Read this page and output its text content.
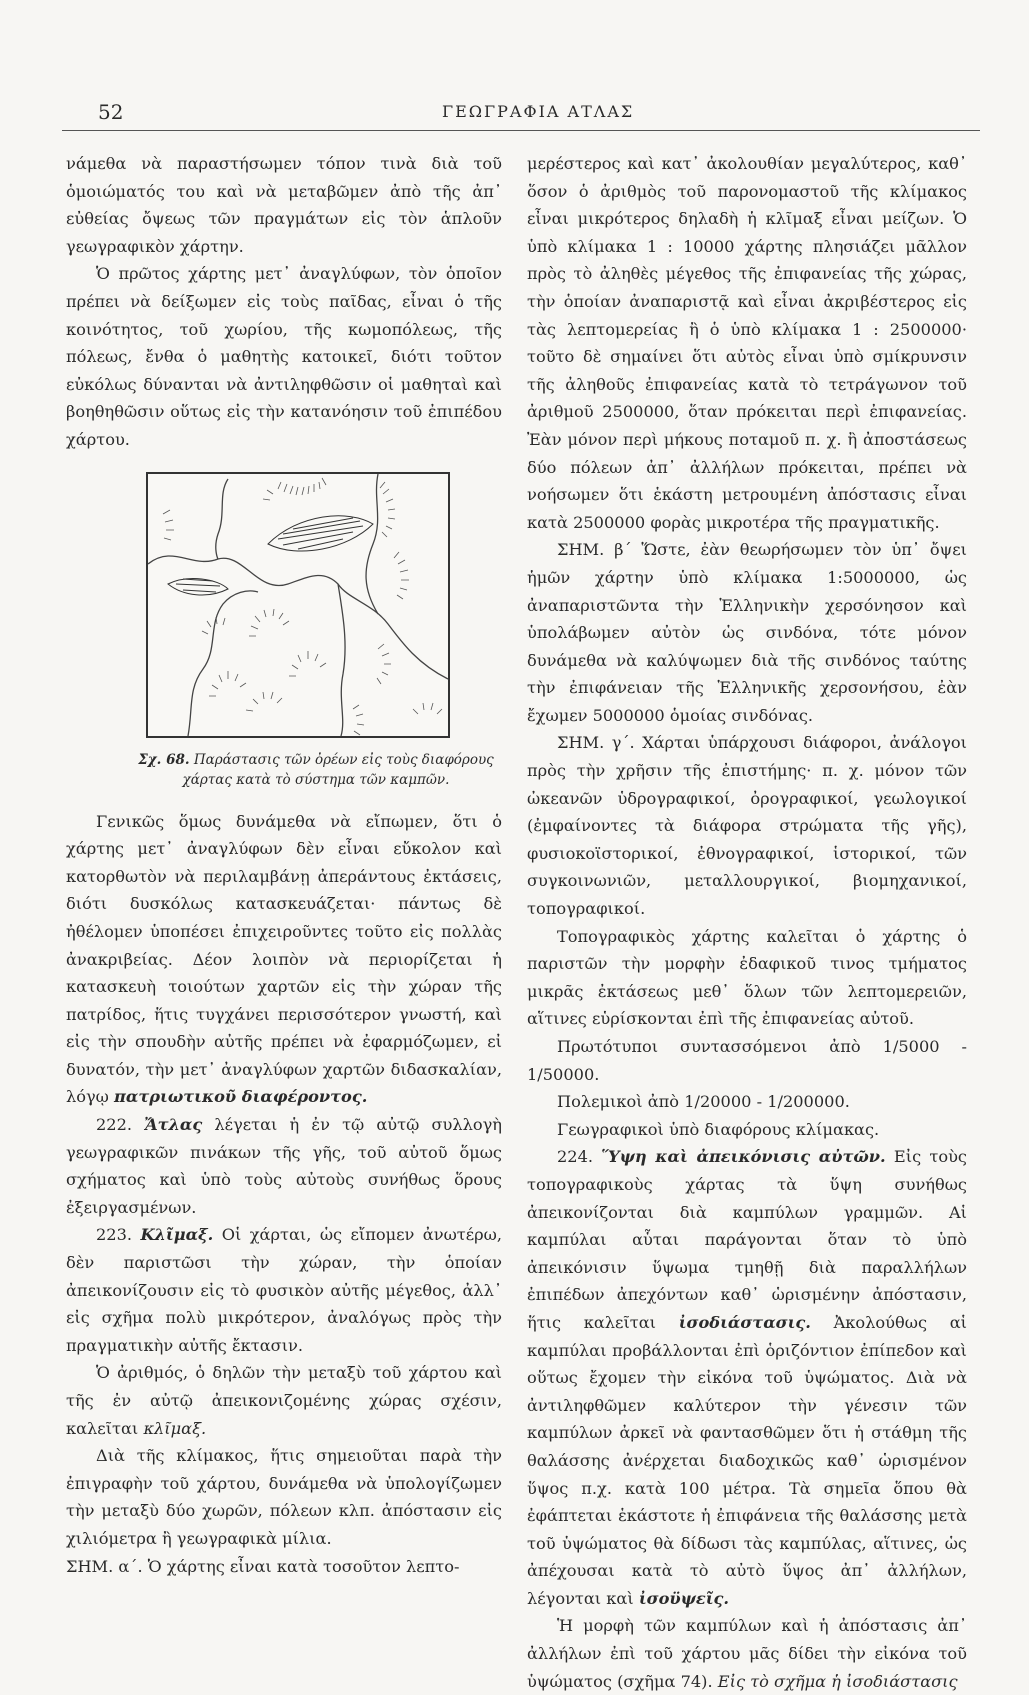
52	ΓΕΩΓΡΑΦΙΑ ΑΤΛΑΣ

νάμεθα νὰ παραστήσωμεν τόπον τινὰ διὰ τοῦ ὁμοιώματός του καὶ νὰ μεταβῶμεν ἀπὸ τῆς ἀπ᾽ εὐθείας ὄψεως τῶν πραγμάτων εἰς τὸν ἁπλοῦν γεωγραφικὸν χάρτην.

Ὁ πρῶτος χάρτης μετ᾽ ἀναγλύφων, τὸν ὁποῖον πρέπει νὰ δείξωμεν εἰς τοὺς παῖδας, εἶναι ὁ τῆς κοινότητος, τοῦ χωρίου, τῆς κωμοπόλεως, τῆς πόλεως, ἔνθα ὁ μαθητὴς κατοικεῖ, διότι τοῦτον εὐκόλως δύνανται νὰ ἀντιληφθῶσιν οἱ μαθηταὶ καὶ βοηθηθῶσιν οὕτως εἰς τὴν κατανόησιν τοῦ ἐπιπέδου χάρτου.

Σχ. 68. Παράστασις τῶν ὀρέων εἰς τοὺς διαφόρους χάρτας κατὰ τὸ σύστημα τῶν καμπῶν.

Γενικῶς ὅμως δυνάμεθα νὰ εἴπωμεν, ὅτι ὁ χάρτης μετ᾽ ἀναγλύφων δὲν εἶναι εὔκολον καὶ κατορθωτὸν νὰ περιλαμβάνῃ ἀπεράντους ἐκτάσεις, διότι δυσκόλως κατασκευάζεται· πάντως δὲ ἠθέλομεν ὑποπέσει ἐπιχειροῦντες τοῦτο εἰς πολλὰς ἀνακριβείας. Δέον λοιπὸν νὰ περιορίζεται ἡ κατασκευὴ τοιούτων χαρτῶν εἰς τὴν χώραν τῆς πατρίδος, ἥτις τυγχάνει περισσότερον γνωστή, καὶ εἰς τὴν σπουδὴν αὐτῆς πρέπει νὰ ἐφαρμόζωμεν, εἰ δυνατόν, τὴν μετ᾽ ἀναγλύφων χαρτῶν διδασκαλίαν, λόγῳ πατριωτικοῦ διαφέροντος.

222. Ἄτλας λέγεται ἡ ἐν τῷ αὐτῷ συλλογὴ γεωγραφικῶν πινάκων τῆς γῆς, τοῦ αὐτοῦ ὅμως σχήματος καὶ ὑπὸ τοὺς αὐτοὺς συνήθως ὅρους ἐξειργασμένων.

223. Κλῖμαξ. Οἱ χάρται, ὡς εἴπομεν ἀνωτέρω, δὲν παριστῶσι τὴν χώραν, τὴν ὁποίαν ἀπεικονίζουσιν εἰς τὸ φυσικὸν αὐτῆς μέγεθος, ἀλλ᾽ εἰς σχῆμα πολὺ μικρότερον, ἀναλόγως πρὸς τὴν πραγματικὴν αὐτῆς ἔκτασιν.

Ὁ ἀριθμός, ὁ δηλῶν τὴν μεταξὺ τοῦ χάρτου καὶ τῆς ἐν αὐτῷ ἀπεικονιζομένης χώρας σχέσιν, καλεῖται κλῖμαξ.

Διὰ τῆς κλίμακος, ἥτις σημειοῦται παρὰ τὴν ἐπιγραφὴν τοῦ χάρτου, δυνάμεθα νὰ ὑπολογίζωμεν τὴν μεταξὺ δύο χωρῶν, πόλεων κλπ. ἀπόστασιν εἰς χιλιόμετρα ἢ γεωγραφικὰ μίλια.

ΣΗΜ. α΄. Ὁ χάρτης εἶναι κατὰ τοσοῦτον λεπτο-

μερέστερος καὶ κατ᾽ ἀκολουθίαν μεγαλύτερος, καθ᾽ ὅσον ὁ ἀριθμὸς τοῦ παρονομαστοῦ τῆς κλίμακος εἶναι μικρότερος δηλαδὴ ἡ κλῖμαξ εἶναι μείζων. Ὁ ὑπὸ κλίμακα 1 : 10000 χάρτης πλησιάζει μᾶλλον πρὸς τὸ ἀληθὲς μέγεθος τῆς ἐπιφανείας τῆς χώρας, τὴν ὁποίαν ἀναπαριστᾷ καὶ εἶναι ἀκριβέστερος εἰς τὰς λεπτομερείας ἢ ὁ ὑπὸ κλίμακα 1 : 2500000· τοῦτο δὲ σημαίνει ὅτι αὐτὸς εἶναι ὑπὸ σμίκρυνσιν τῆς ἀληθοῦς ἐπιφανείας κατὰ τὸ τετράγωνον τοῦ ἀριθμοῦ 2500000, ὅταν πρόκειται περὶ ἐπιφανείας. Ἐὰν μόνον περὶ μήκους ποταμοῦ π. χ. ἢ ἀποστάσεως δύο πόλεων ἀπ᾽ ἀλλήλων πρόκειται, πρέπει νὰ νοήσωμεν ὅτι ἑκάστη μετρουμένη ἀπόστασις εἶναι κατὰ 2500000 φορὰς μικροτέρα τῆς πραγματικῆς.

ΣΗΜ. β΄ Ὥστε, ἐὰν θεωρήσωμεν τὸν ὑπ᾽ ὄψει ἡμῶν χάρτην ὑπὸ κλίμακα 1:5000000, ὡς ἀναπαριστῶντα τὴν Ἑλληνικὴν χερσόνησον καὶ ὑπολάβωμεν αὐτὸν ὡς σινδόνα, τότε μόνον δυνάμεθα νὰ καλύψωμεν διὰ τῆς σινδόνος ταύτης τὴν ἐπιφάνειαν τῆς Ἑλληνικῆς χερσονήσου, ἐὰν ἔχωμεν 5000000 ὁμοίας σινδόνας.

ΣΗΜ. γ΄. Χάρται ὑπάρχουσι διάφοροι, ἀνάλογοι πρὸς τὴν χρῆσιν τῆς ἐπιστήμης· π. χ. μόνον τῶν ὠκεανῶν ὑδρογραφικοί, ὀρογραφικοί, γεωλογικοί (ἐμφαίνοντες τὰ διάφορα στρώματα τῆς γῆς), φυσιοκοϊστορικοί, ἐθνογραφικοί, ἱστορικοί, τῶν συγκοινωνιῶν, μεταλλουργικοί, βιομηχανικοί, τοπογραφικοί.

Τοπογραφικὸς χάρτης καλεῖται ὁ χάρτης ὁ παριστῶν τὴν μορφὴν ἐδαφικοῦ τινος τμήματος μικρᾶς ἐκτάσεως μεθ᾽ ὅλων τῶν λεπτομερειῶν, αἵτινες εὑρίσκονται ἐπὶ τῆς ἐπιφανείας αὐτοῦ.

Πρωτότυποι συντασσόμενοι ἀπὸ 1/5000 - 1/50000.

Πολεμικοὶ ἀπὸ 1/20000 - 1/200000.

Γεωγραφικοὶ ὑπὸ διαφόρους κλίμακας.

224. Ὕψη καὶ ἀπεικόνισις αὐτῶν. Εἰς τοὺς τοπογραφικοὺς χάρτας τὰ ὕψη συνήθως ἀπεικονίζονται διὰ καμπύλων γραμμῶν. Αἱ καμπύλαι αὗται παράγονται ὅταν τὸ ὑπὸ ἀπεικόνισιν ὕψωμα τμηθῇ διὰ παραλλήλων ἐπιπέδων ἀπεχόντων καθ᾽ ὡρισμένην ἀπόστασιν, ἥτις καλεῖται ἰσοδιάστασις. Ἀκολούθως αἱ καμπύλαι προβάλλονται ἐπὶ ὁριζόντιον ἐπίπεδον καὶ οὕτως ἔχομεν τὴν εἰκόνα τοῦ ὑψώματος. Διὰ νὰ ἀντιληφθῶμεν καλύτερον τὴν γένεσιν τῶν καμπύλων ἀρκεῖ νὰ φαντασθῶμεν ὅτι ἡ στάθμη τῆς θαλάσσης ἀνέρχεται διαδοχικῶς καθ᾽ ὡρισμένον ὕψος π.χ. κατὰ 100 μέτρα. Τὰ σημεῖα ὅπου θὰ ἐφάπτεται ἑκάστοτε ἡ ἐπιφάνεια τῆς θαλάσσης μετὰ τοῦ ὑψώματος θὰ δίδωσι τὰς καμπύλας, αἵτινες, ὡς ἀπέχουσαι κατὰ τὸ αὐτὸ ὕψος ἀπ᾽ ἀλλήλων, λέγονται καὶ ἰσοϋψεῖς.

Ἡ μορφὴ τῶν καμπύλων καὶ ἡ ἀπόστασις ἀπ᾽ ἀλλήλων ἐπὶ τοῦ χάρτου μᾶς δίδει τὴν εἰκόνα τοῦ ὑψώματος (σχῆμα 74). Εἰς τὸ σχῆμα ἡ ἰσοδιάστασις
